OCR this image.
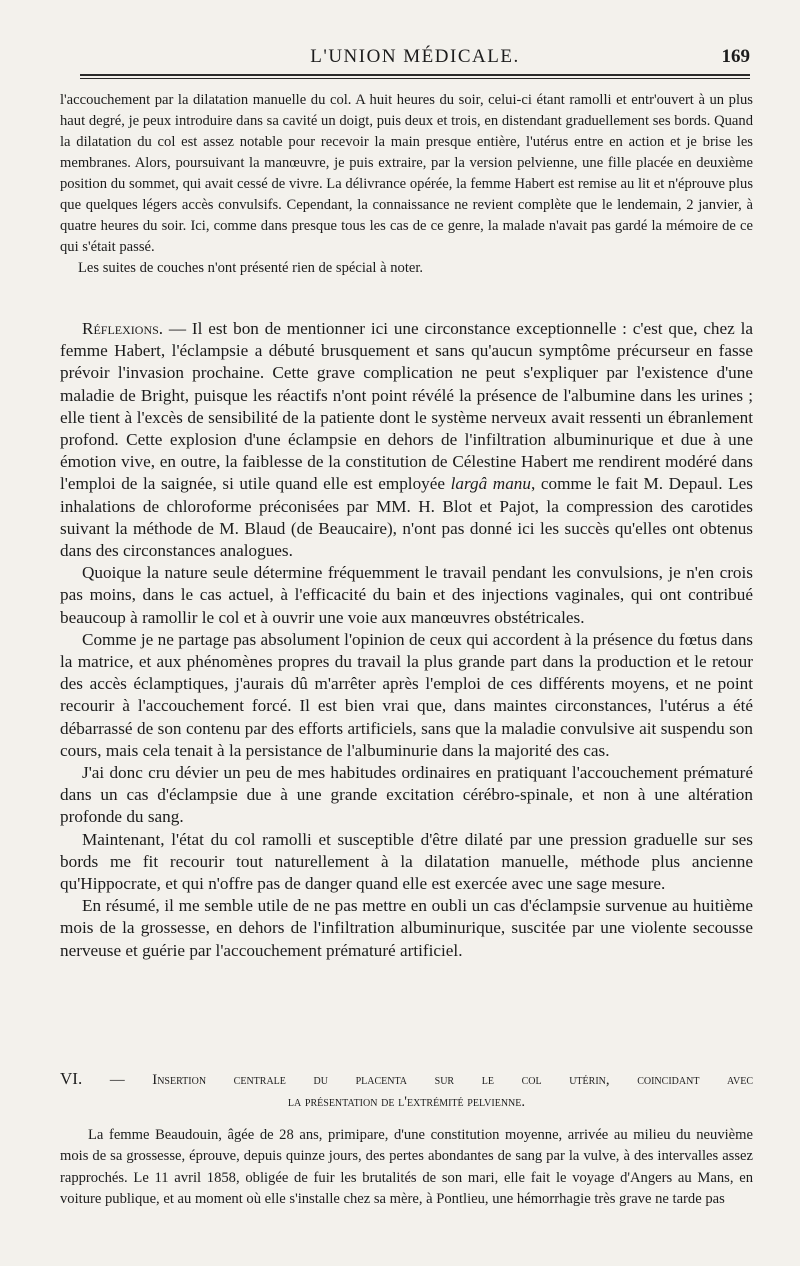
L'UNION MÉDICALE.	169

l'accouchement par la dilatation manuelle du col. A huit heures du soir, celui-ci étant ramolli et entr'ouvert à un plus haut degré, je peux introduire dans sa cavité un doigt, puis deux et trois, en distendant graduellement ses bords. Quand la dilatation du col est assez notable pour recevoir la main presque entière, l'utérus entre en action et je brise les membranes. Alors, poursuivant la manœuvre, je puis extraire, par la version pelvienne, une fille placée en deuxième position du sommet, qui avait cessé de vivre. La délivrance opérée, la femme Habert est remise au lit et n'éprouve plus que quelques légers accès convulsifs. Cependant, la connaissance ne revient complète que le lendemain, 2 janvier, à quatre heures du soir. Ici, comme dans presque tous les cas de ce genre, la malade n'avait pas gardé la mémoire de ce qui s'était passé.

Les suites de couches n'ont présenté rien de spécial à noter.

Réflexions. — Il est bon de mentionner ici une circonstance exceptionnelle : c'est que, chez la femme Habert, l'éclampsie a débuté brusquement et sans qu'aucun symptôme précurseur en fasse prévoir l'invasion prochaine. Cette grave complication ne peut s'expliquer par l'existence d'une maladie de Bright, puisque les réactifs n'ont point révélé la présence de l'albumine dans les urines ; elle tient à l'excès de sensibilité de la patiente dont le système nerveux avait ressenti un ébranlement profond. Cette explosion d'une éclampsie en dehors de l'infiltration albuminurique et due à une émotion vive, en outre, la faiblesse de la constitution de Célestine Habert me rendirent modéré dans l'emploi de la saignée, si utile quand elle est employée largâ manu, comme le fait M. Depaul. Les inhalations de chloroforme préconisées par MM. H. Blot et Pajot, la compression des carotides suivant la méthode de M. Blaud (de Beaucaire), n'ont pas donné ici les succès qu'elles ont obtenus dans des circonstances analogues.

Quoique la nature seule détermine fréquemment le travail pendant les convulsions, je n'en crois pas moins, dans le cas actuel, à l'efficacité du bain et des injections vaginales, qui ont contribué beaucoup à ramollir le col et à ouvrir une voie aux manœuvres obstétricales.

Comme je ne partage pas absolument l'opinion de ceux qui accordent à la présence du fœtus dans la matrice, et aux phénomènes propres du travail la plus grande part dans la production et le retour des accès éclamptiques, j'aurais dû m'arrêter après l'emploi de ces différents moyens, et ne point recourir à l'accouchement forcé. Il est bien vrai que, dans maintes circonstances, l'utérus a été débarrassé de son contenu par des efforts artificiels, sans que la maladie convulsive ait suspendu son cours, mais cela tenait à la persistance de l'albuminurie dans la majorité des cas.

J'ai donc cru dévier un peu de mes habitudes ordinaires en pratiquant l'accouchement prématuré dans un cas d'éclampsie due à une grande excitation cérébro-spinale, et non à une altération profonde du sang.

Maintenant, l'état du col ramolli et susceptible d'être dilaté par une pression graduelle sur ses bords me fit recourir tout naturellement à la dilatation manuelle, méthode plus ancienne qu'Hippocrate, et qui n'offre pas de danger quand elle est exercée avec une sage mesure.

En résumé, il me semble utile de ne pas mettre en oubli un cas d'éclampsie survenue au huitième mois de la grossesse, en dehors de l'infiltration albuminurique, suscitée par une violente secousse nerveuse et guérie par l'accouchement prématuré artificiel.

VI. — Insertion centrale du placenta sur le col utérin, coincidant avec
la présentation de l'extrémité pelvienne.

La femme Beaudouin, âgée de 28 ans, primipare, d'une constitution moyenne, arrivée au milieu du neuvième mois de sa grossesse, éprouve, depuis quinze jours, des pertes abondantes de sang par la vulve, à des intervalles assez rapprochés. Le 11 avril 1858, obligée de fuir les brutalités de son mari, elle fait le voyage d'Angers au Mans, en voiture publique, et au moment où elle s'installe chez sa mère, à Pontlieu, une hémorrhagie très grave ne tarde pas
